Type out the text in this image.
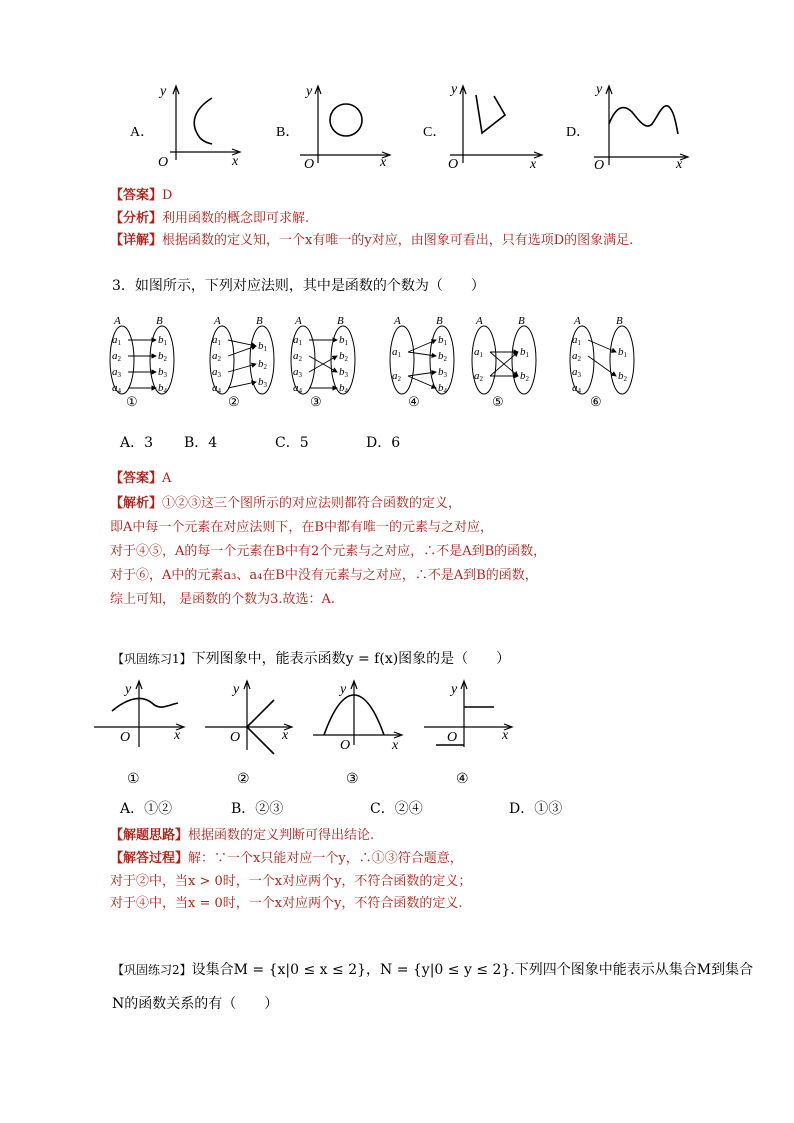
A．	B．	C．	D．
y
x
O
y
x
O
y
x
O
y
x
O
【答案】D
【分析】利用函数的概念即可求解.
【详解】根据函数的定义知，一个x有唯一的y对应，由图象可看出，只有选项D的图象满足.
3．如图所示，下列对应法则，其中是函数的个数为（　　）
A	B
a1
a2
a3
a4
b1
b2
b3
b4
①
A	B
a1
a2
a3
a4
b1
b2
b3
②
A	B
a1
a2
a3
a4
b1
b2
b3
b4
③
A	B
a1
a2
b1
b2
b3
b4
④
A	B
a1
a2
b1
b2
⑤
A	B
a1
a2
a3
a4
b1
b2
⑥
A．3 B．4	C．5	D．6
【答案】A
【解析】①②③这三个图所示的对应法则都符合函数的定义，
即A中每一个元素在对应法则下，在B中都有唯一的元素与之对应，
对于④⑤，A的每一个元素在B中有2个元素与之对应，∴不是A到B的函数，
对于⑥，A中的元素a₃、a₄在B中没有元素与之对应，∴不是A到B的函数，
综上可知， 是函数的个数为3.故选：A.
【巩固练习1】下列图象中，能表示函数y = f(x)图象的是（　　）
y
x
O
y
x
O
y
x
O
y
x
O
①	②	③	④
A．①②	B．②③	C．②④	D．①③
【解题思路】根据函数的定义判断可得出结论.
【解答过程】解：∵一个x只能对应一个y，∴①③符合题意，
对于②中，当x > 0时，一个x对应两个y，不符合函数的定义；
对于④中，当x = 0时，一个x对应两个y，不符合函数的定义.
【巩固练习2】设集合M = {x|0 ≤ x ≤ 2}，N = {y|0 ≤ y ≤ 2}.下列四个图象中能表示从集合M到集合
N的函数关系的有（　　）
